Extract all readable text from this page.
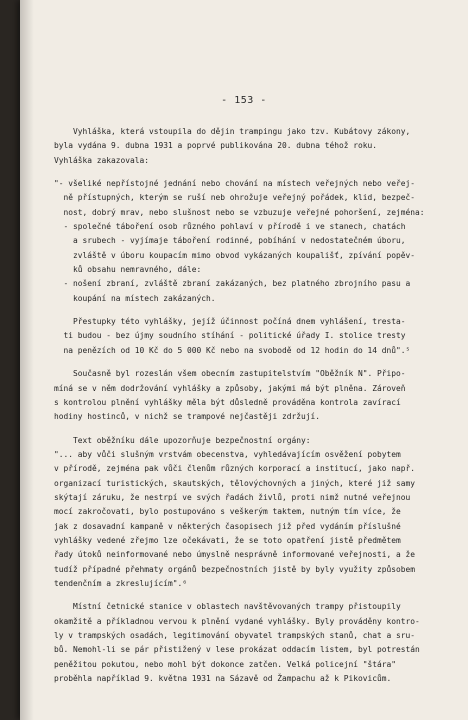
- 153 -
Vyhláška, která vstoupila do dějin trampingu jako tzv. Kubátovy zákony,
byla vydána 9. dubna 1931 a poprvé publikována 20. dubna téhož roku.
Vyhláška zakazovala:
"- všeliké nepřístojné jednání nebo chování na místech veřejných nebo veřej-
ně přístupných, kterým se ruší neb ohrožuje veřejný pořádek, klid, bezpeč-
nost, dobrý mrav, nebo slušnost nebo se vzbuzuje veřejné pohoršení, zejména:
- společné táboření osob různého pohlaví v přírodě i ve stanech, chatách
a srubech - vyjímaje táboření rodinné, pobíhání v nedostatečném úboru,
zvláště v úboru koupacím mimo obvod vykázaných koupališť, zpívání popěv-
ků obsahu nemravného, dále:
- nošení zbraní, zvláště zbraní zakázaných, bez platného zbrojního pasu a
koupání na místech zakázaných.
Přestupky této vyhlášky, jejíž účinnost počíná dnem vyhlášení, tresta-
ti budou - bez újmy soudního stíhání - politické úřady I. stolice tresty
na penězích od 10 Kč do 5 000 Kč nebo na svobodě od 12 hodin do 14 dnů".⁵
Současně byl rozeslán všem obecním zastupitelstvím "Oběžník N". Připo-
míná se v něm dodržování vyhlášky a způsoby, jakými má být plněna. Zároveň
s kontrolou plnění vyhlášky měla být důsledně prováděna kontrola zavírací
hodiny hostinců, v nichž se trampové nejčastěji zdržují.
Text oběžníku dále upozorňuje bezpečnostní orgány:
"... aby vůči slušným vrstvám obecenstva, vyhledávajícím osvěžení pobytem
v přírodě, zejména pak vůči členům různých korporací a institucí, jako např.
organizací turistických, skautských, tělovýchovných a jiných, které již samy
skýtají záruku, že nestrpí ve svých řadách živlů, proti nimž nutné veřejnou
mocí zakročovati, bylo postupováno s veškerým taktem, nutným tím více, že
jak z dosavadní kampaně v některých časopisech již před vydáním příslušné
vyhlášky vedené zřejmo lze očekávati, že se toto opatření jistě předmětem
řady útoků neinformované nebo úmyslně nesprávně informované veřejnosti, a že
tudíž případné přehmaty orgánů bezpečnostních jistě by byly využity způsobem
tendenčním a zkreslujícím".⁶
Místní četnické stanice v oblastech navštěvovaných trampy přistoupily
okamžitě a příkladnou vervou k plnění vydané vyhlášky. Byly prováděny kontro-
ly v trampských osadách, legitimování obyvatel trampských stanů, chat a sru-
bů. Nemohl-li se pár přistižený v lese prokázat oddacím listem, byl potrestán
peněžitou pokutou, nebo mohl být dokonce zatčen. Velká policejní "štára"
proběhla například 9. května 1931 na Sázavě od Žampachu až k Pikovicům.
